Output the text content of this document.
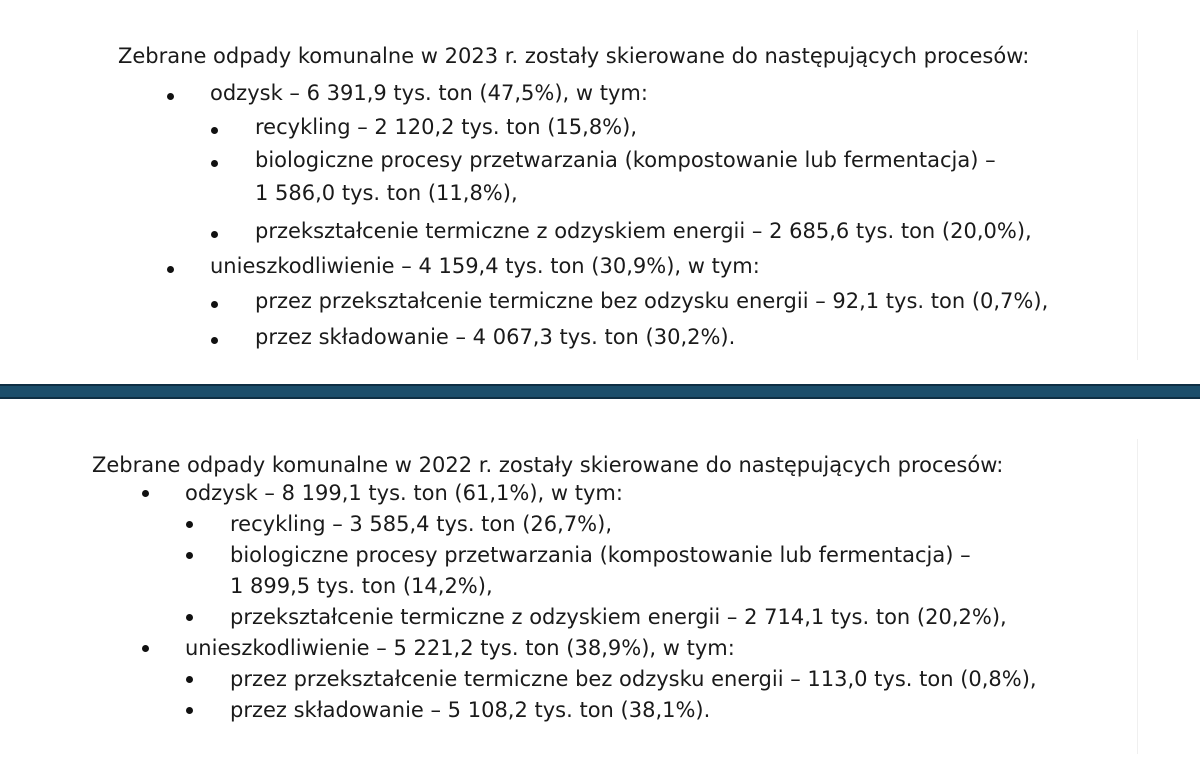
Zebrane odpady komunalne w 2023 r. zostały skierowane do następujących procesów:
odzysk – 6 391,9 tys. ton (47,5%), w tym:
recykling – 2 120,2 tys. ton (15,8%),
biologiczne procesy przetwarzania (kompostowanie lub fermentacja) –
1 586,0 tys. ton (11,8%),
przekształcenie termiczne z odzyskiem energii – 2 685,6 tys. ton (20,0%),
unieszkodliwienie – 4 159,4 tys. ton (30,9%), w tym:
przez przekształcenie termiczne bez odzysku energii – 92,1 tys. ton (0,7%),
przez składowanie – 4 067,3 tys. ton (30,2%).
Zebrane odpady komunalne w 2022 r. zostały skierowane do następujących procesów:
odzysk – 8 199,1 tys. ton (61,1%), w tym:
recykling – 3 585,4 tys. ton (26,7%),
biologiczne procesy przetwarzania (kompostowanie lub fermentacja) –
1 899,5 tys. ton (14,2%),
przekształcenie termiczne z odzyskiem energii – 2 714,1 tys. ton (20,2%),
unieszkodliwienie – 5 221,2 tys. ton (38,9%), w tym:
przez przekształcenie termiczne bez odzysku energii – 113,0 tys. ton (0,8%),
przez składowanie – 5 108,2 tys. ton (38,1%).
